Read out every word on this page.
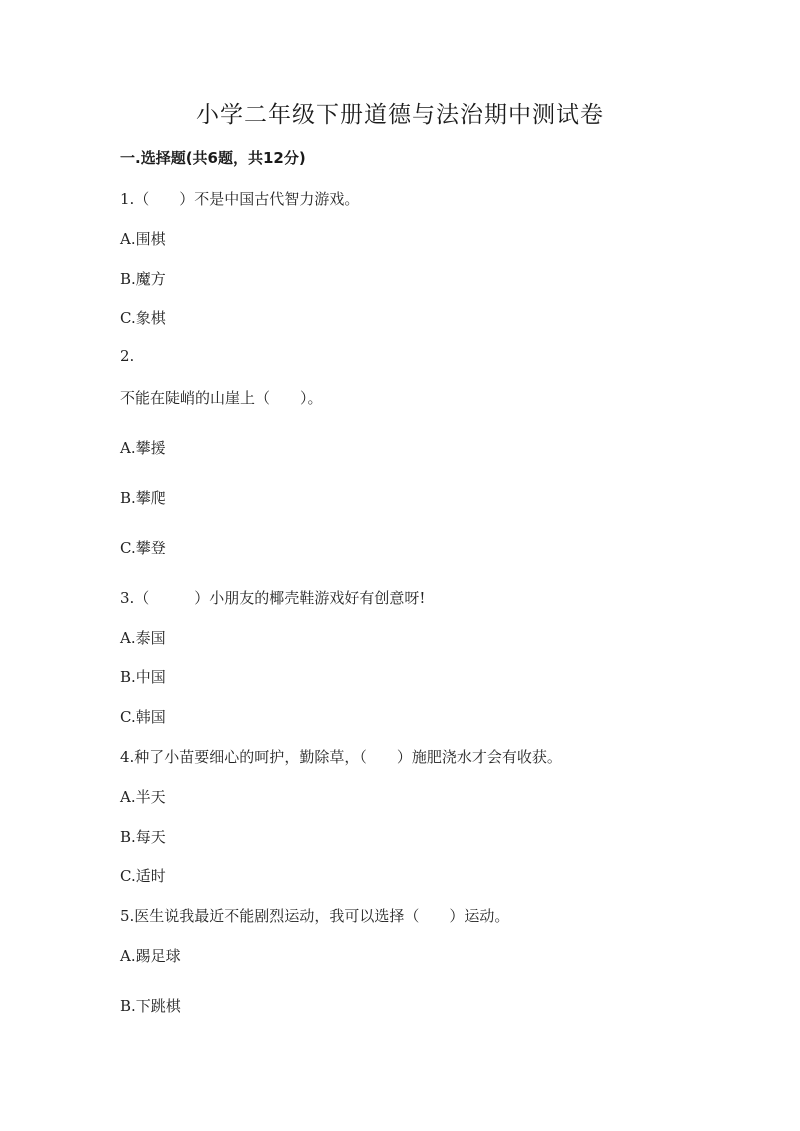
小学二年级下册道德与法治期中测试卷
一.选择题(共6题，共12分)
1.（　　）不是中国古代智力游戏。
A.围棋
B.魔方
C.象棋
2.
不能在陡峭的山崖上（　　）。
A.攀援
B.攀爬
C.攀登
3.（　　　）小朋友的椰壳鞋游戏好有创意呀!
A.泰国
B.中国
C.韩国
4.种了小苗要细心的呵护，勤除草，（　　）施肥浇水才会有收获。
A.半天
B.每天
C.适时
5.医生说我最近不能剧烈运动，我可以选择（　　）运动。
A.踢足球
B.下跳棋
